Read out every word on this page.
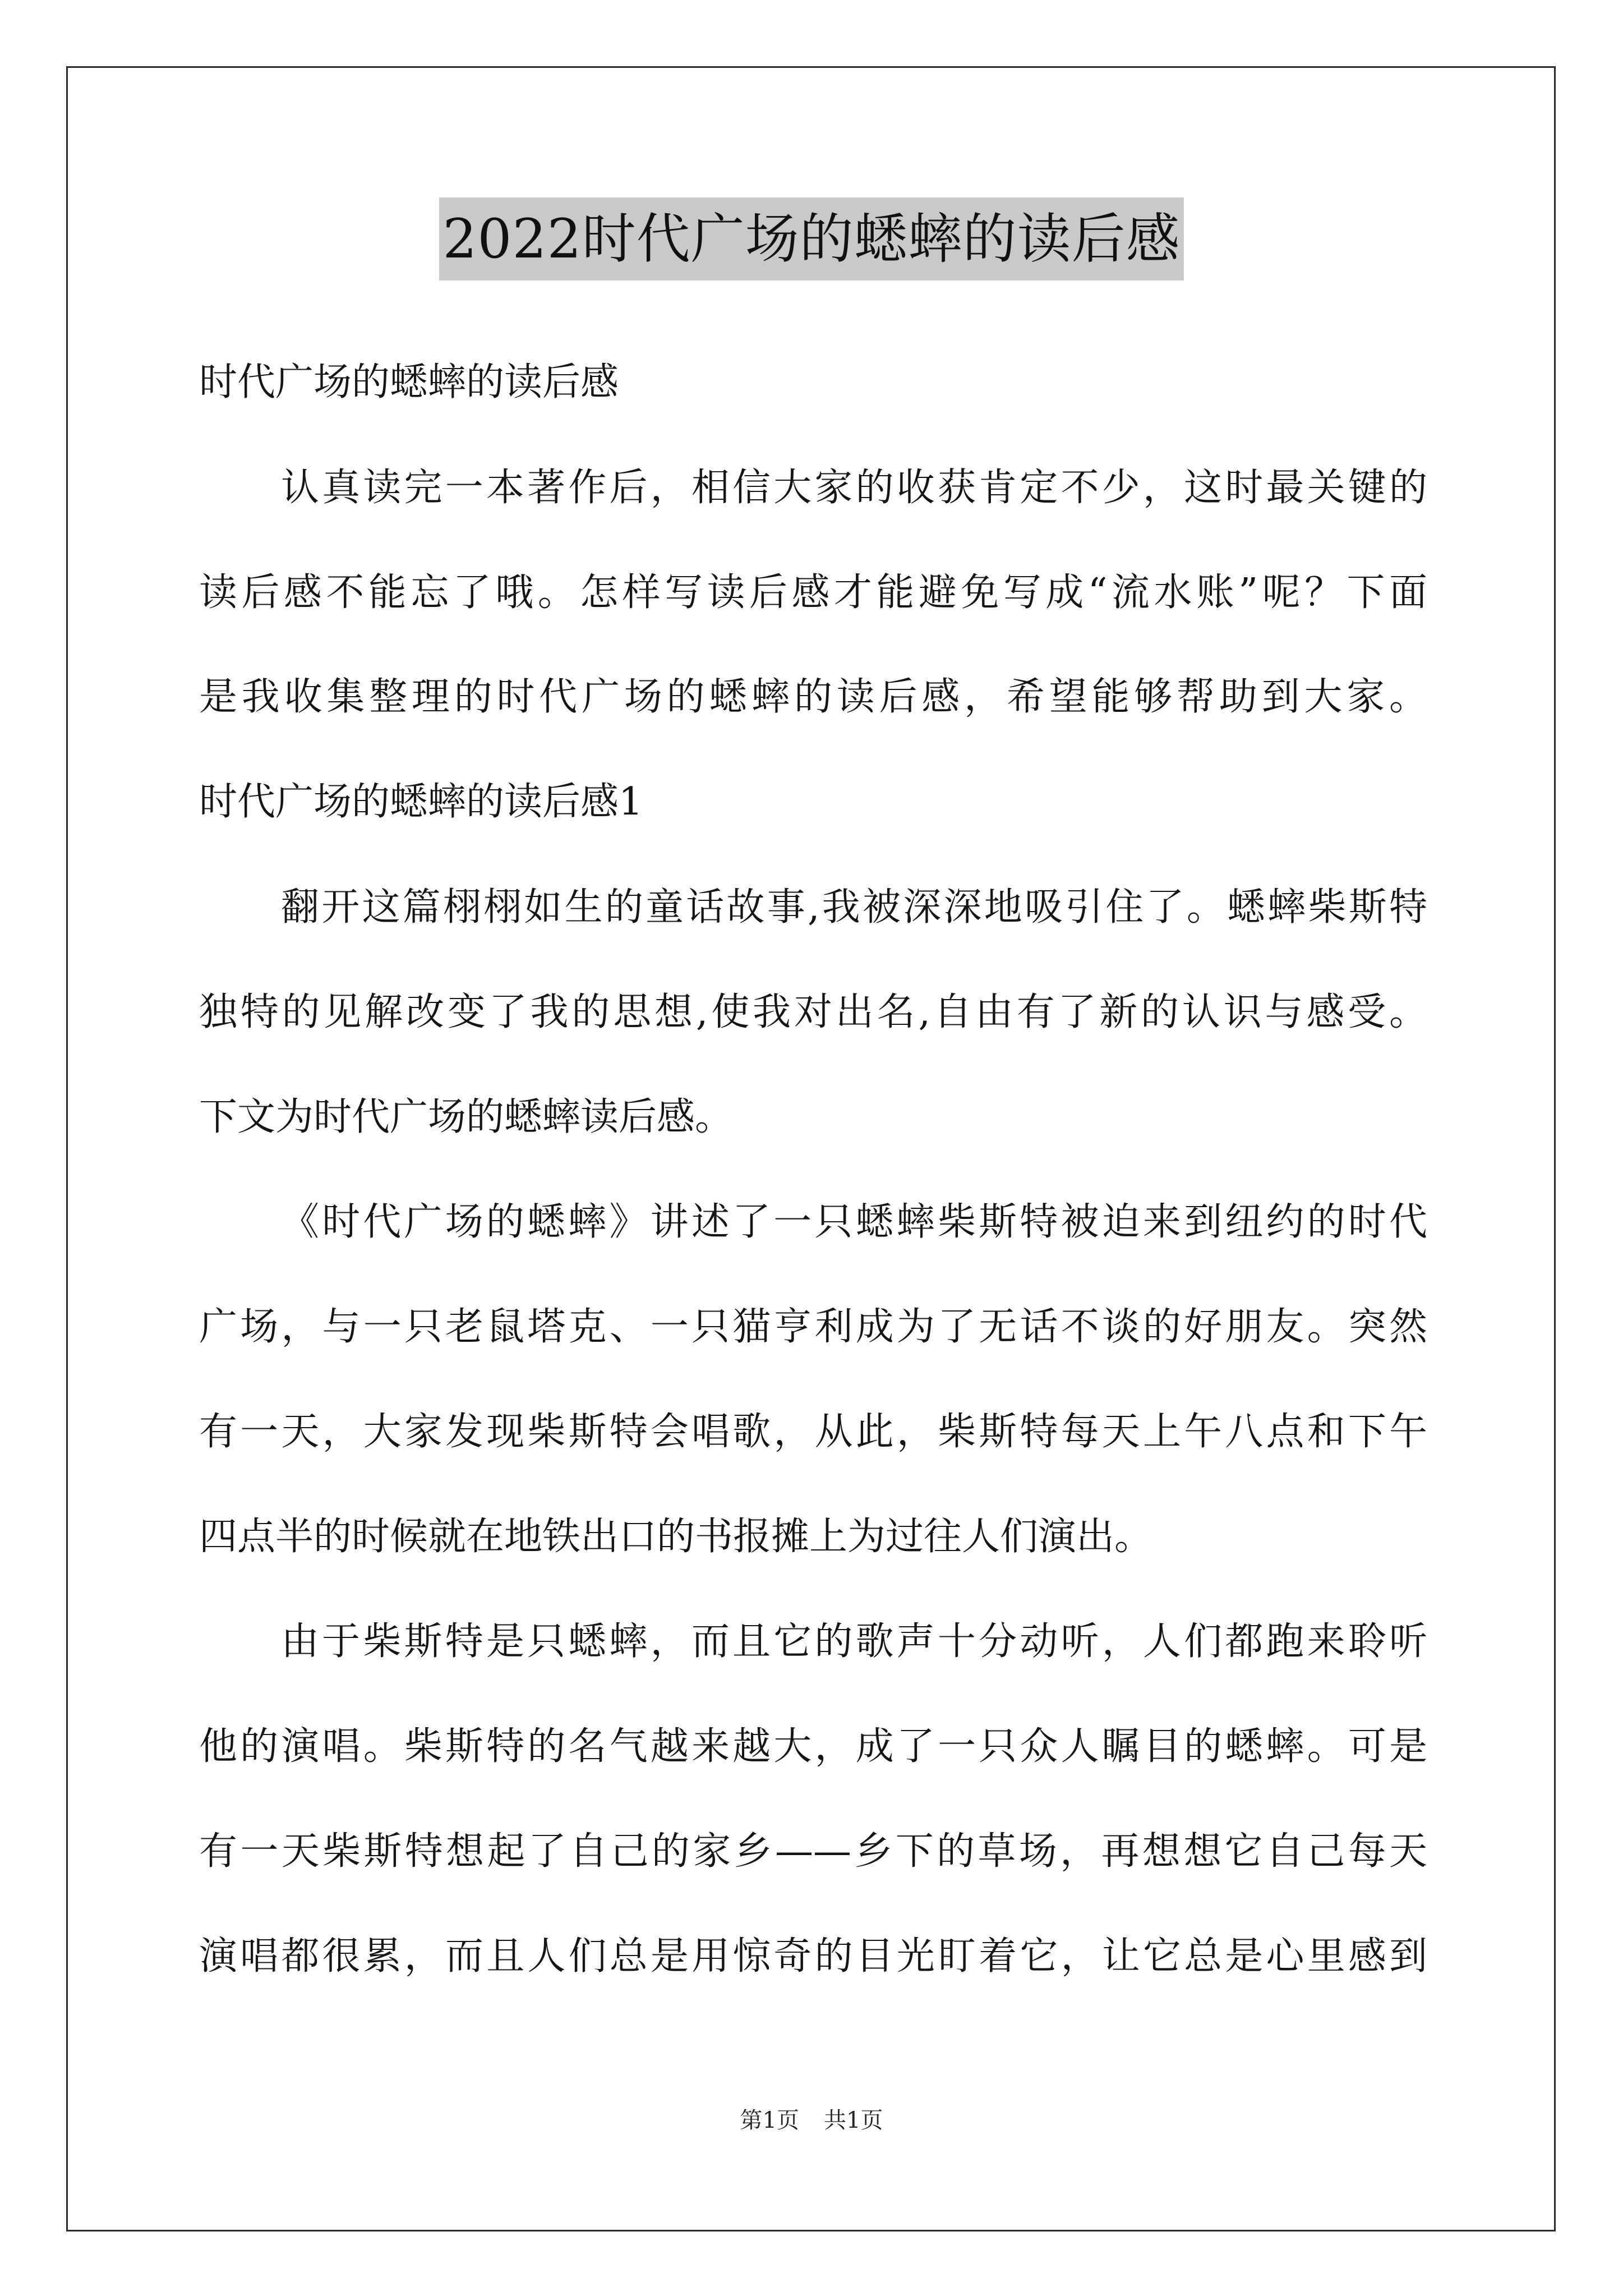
2022时代广场的蟋蟀的读后感
时代广场的蟋蟀的读后感
认真读完一本著作后，相信大家的收获肯定不少，这时最关键的
读后感不能忘了哦。怎样写读后感才能避免写成“流水账”呢？下面
是我收集整理的时代广场的蟋蟀的读后感，希望能够帮助到大家。
时代广场的蟋蟀的读后感1
翻开这篇栩栩如生的童话故事,我被深深地吸引住了。蟋蟀柴斯特
独特的见解改变了我的思想,使我对出名,自由有了新的认识与感受。
下文为时代广场的蟋蟀读后感。
《时代广场的蟋蟀》讲述了一只蟋蟀柴斯特被迫来到纽约的时代
广场，与一只老鼠塔克、一只猫亨利成为了无话不谈的好朋友。突然
有一天，大家发现柴斯特会唱歌，从此，柴斯特每天上午八点和下午
四点半的时候就在地铁出口的书报摊上为过往人们演出。
由于柴斯特是只蟋蟀，而且它的歌声十分动听，人们都跑来聆听
他的演唱。柴斯特的名气越来越大，成了一只众人瞩目的蟋蟀。可是
有一天柴斯特想起了自己的家乡——乡下的草场，再想想它自己每天
演唱都很累，而且人们总是用惊奇的目光盯着它，让它总是心里感到
第1页 共1页
